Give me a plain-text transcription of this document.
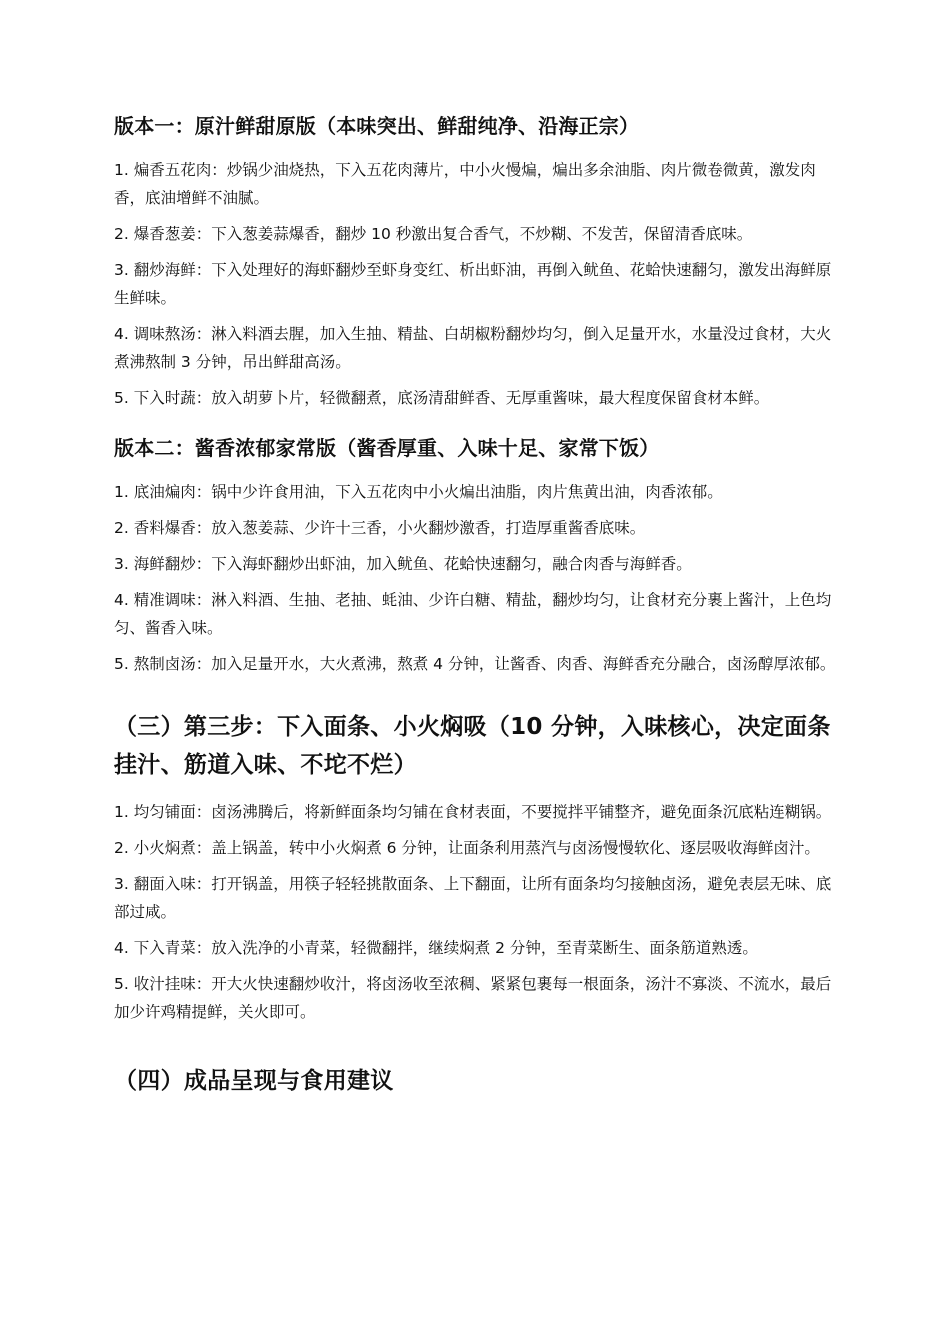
版本一：原汁鲜甜原版（本味突出、鲜甜纯净、沿海正宗）
1. 煸香五花肉：炒锅少油烧热，下入五花肉薄片，中小火慢煸，煸出多余油脂、肉片微卷微黄，激发肉香，底油增鲜不油腻。
2. 爆香葱姜：下入葱姜蒜爆香，翻炒 10 秒激出复合香气，不炒糊、不发苦，保留清香底味。
3. 翻炒海鲜：下入处理好的海虾翻炒至虾身变红、析出虾油，再倒入鱿鱼、花蛤快速翻匀，激发出海鲜原生鲜味。
4. 调味熬汤：淋入料酒去腥，加入生抽、精盐、白胡椒粉翻炒均匀，倒入足量开水，水量没过食材，大火煮沸熬制 3 分钟，吊出鲜甜高汤。
5. 下入时蔬：放入胡萝卜片，轻微翻煮，底汤清甜鲜香、无厚重酱味，最大程度保留食材本鲜。
版本二：酱香浓郁家常版（酱香厚重、入味十足、家常下饭）
1. 底油煸肉：锅中少许食用油，下入五花肉中小火煸出油脂，肉片焦黄出油，肉香浓郁。
2. 香料爆香：放入葱姜蒜、少许十三香，小火翻炒激香，打造厚重酱香底味。
3. 海鲜翻炒：下入海虾翻炒出虾油，加入鱿鱼、花蛤快速翻匀，融合肉香与海鲜香。
4. 精准调味：淋入料酒、生抽、老抽、蚝油、少许白糖、精盐，翻炒均匀，让食材充分裹上酱汁，上色均匀、酱香入味。
5. 熬制卤汤：加入足量开水，大火煮沸，熬煮 4 分钟，让酱香、肉香、海鲜香充分融合，卤汤醇厚浓郁。
（三）第三步：下入面条、小火焖吸（10 分钟，入味核心，决定面条挂汁、筋道入味、不坨不烂）
1. 均匀铺面：卤汤沸腾后，将新鲜面条均匀铺在食材表面，不要搅拌平铺整齐，避免面条沉底粘连糊锅。
2. 小火焖煮：盖上锅盖，转中小火焖煮 6 分钟，让面条利用蒸汽与卤汤慢慢软化、逐层吸收海鲜卤汁。
3. 翻面入味：打开锅盖，用筷子轻轻挑散面条、上下翻面，让所有面条均匀接触卤汤，避免表层无味、底部过咸。
4. 下入青菜：放入洗净的小青菜，轻微翻拌，继续焖煮 2 分钟，至青菜断生、面条筋道熟透。
5. 收汁挂味：开大火快速翻炒收汁，将卤汤收至浓稠、紧紧包裹每一根面条，汤汁不寡淡、不流水，最后加少许鸡精提鲜，关火即可。
（四）成品呈现与食用建议
